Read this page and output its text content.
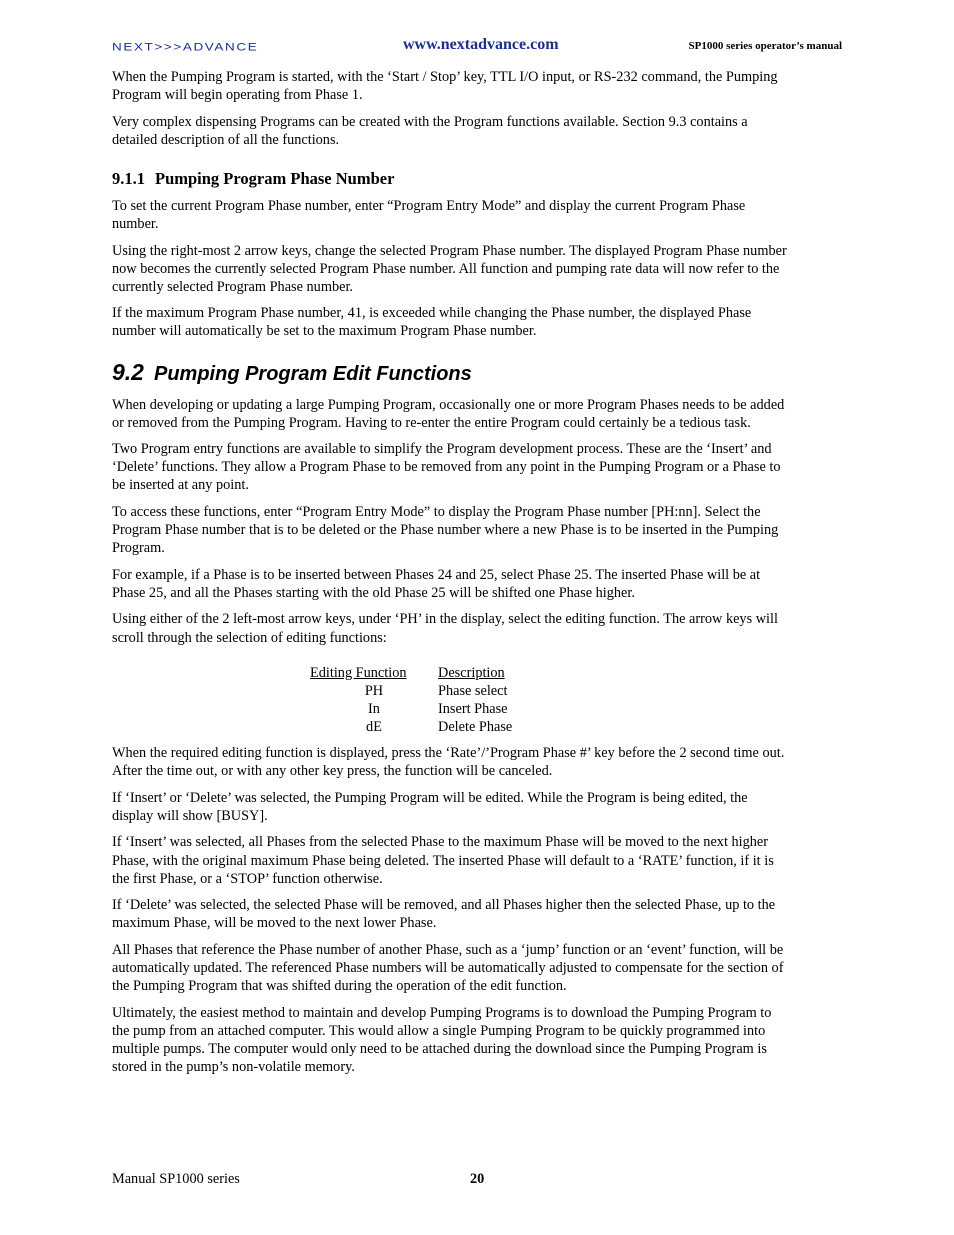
NEXT>>>ADVANCE	www.nextadvance.com	SP1000 series operator’s manual

When the Pumping Program is started, with the ‘Start / Stop’ key, TTL I/O input, or RS-232 command, the Pumping Program will begin operating from Phase 1.

Very complex dispensing Programs can be created with the Program functions available. Section 9.3 contains a detailed description of all the functions.

9.1.1 Pumping Program Phase Number

To set the current Program Phase number, enter “Program Entry Mode” and display the current Program Phase number.

Using the right-most 2 arrow keys, change the selected Program Phase number. The displayed Program Phase number now becomes the currently selected Program Phase number. All function and pumping rate data will now refer to the currently selected Program Phase number.

If the maximum Program Phase number, 41, is exceeded while changing the Phase number, the displayed Phase number will automatically be set to the maximum Program Phase number.

9.2 Pumping Program Edit Functions

When developing or updating a large Pumping Program, occasionally one or more Program Phases needs to be added or removed from the Pumping Program. Having to re-enter the entire Program could certainly be a tedious task.

Two Program entry functions are available to simplify the Program development process. These are the ‘Insert’ and ‘Delete’ functions. They allow a Program Phase to be removed from any point in the Pumping Program or a Phase to be inserted at any point.

To access these functions, enter “Program Entry Mode” to display the Program Phase number [PH:nn]. Select the Program Phase number that is to be deleted or the Phase number where a new Phase is to be inserted in the Pumping Program.

For example, if a Phase is to be inserted between Phases 24 and 25, select Phase 25. The inserted Phase will be at Phase 25, and all the Phases starting with the old Phase 25 will be shifted one Phase higher.

Using either of the 2 left-most arrow keys, under ‘PH’ in the display, select the editing function. The arrow keys will scroll through the selection of editing functions:

Editing Function	Description
PH	Phase select
In	Insert Phase
dE	Delete Phase

When the required editing function is displayed, press the ‘Rate’/’Program Phase #’ key before the 2 second time out. After the time out, or with any other key press, the function will be canceled.

If ‘Insert’ or ‘Delete’ was selected, the Pumping Program will be edited. While the Program is being edited, the display will show [BUSY].

If ‘Insert’ was selected, all Phases from the selected Phase to the maximum Phase will be moved to the next higher Phase, with the original maximum Phase being deleted. The inserted Phase will default to a ‘RATE’ function, if it is the first Phase, or a ‘STOP’ function otherwise.

If ‘Delete’ was selected, the selected Phase will be removed, and all Phases higher then the selected Phase, up to the maximum Phase, will be moved to the next lower Phase.

All Phases that reference the Phase number of another Phase, such as a ‘jump’ function or an ‘event’ function, will be automatically updated. The referenced Phase numbers will be automatically adjusted to compensate for the section of the Pumping Program that was shifted during the operation of the edit function.

Ultimately, the easiest method to maintain and develop Pumping Programs is to download the Pumping Program to the pump from an attached computer. This would allow a single Pumping Program to be quickly programmed into multiple pumps. The computer would only need to be attached during the download since the Pumping Program is stored in the pump’s non-volatile memory.

Manual SP1000 series	20
